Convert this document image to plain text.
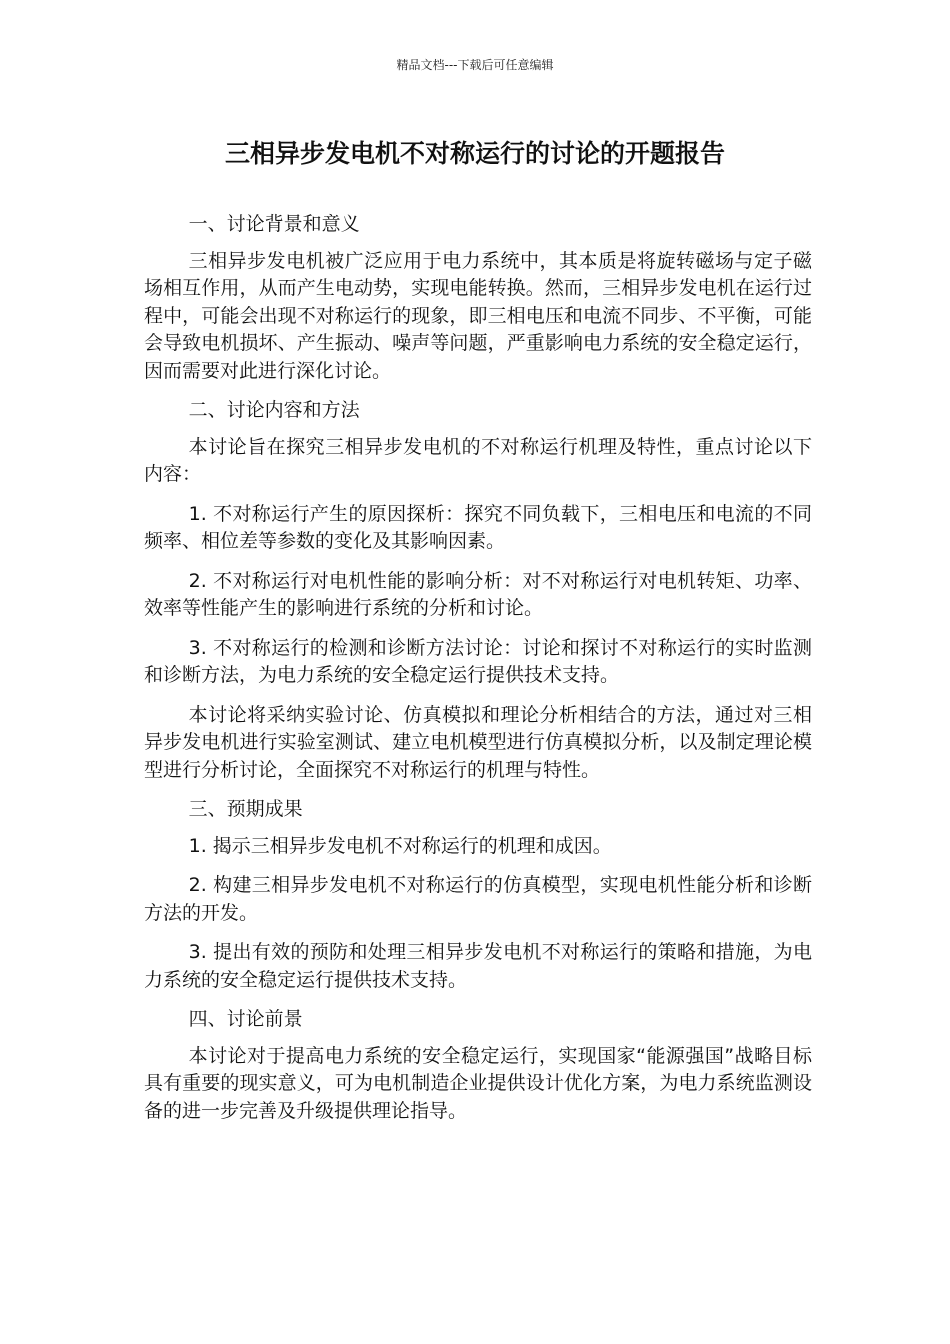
精品文档---下载后可任意编辑
三相异步发电机不对称运行的讨论的开题报告

一、讨论背景和意义

三相异步发电机被广泛应用于电力系统中，其本质是将旋转磁场与定子磁场相互作用，从而产生电动势，实现电能转换。然而，三相异步发电机在运行过程中，可能会出现不对称运行的现象，即三相电压和电流不同步、不平衡，可能会导致电机损坏、产生振动、噪声等问题，严重影响电力系统的安全稳定运行，因而需要对此进行深化讨论。

二、讨论内容和方法

本讨论旨在探究三相异步发电机的不对称运行机理及特性，重点讨论以下内容：

1. 不对称运行产生的原因探析：探究不同负载下，三相电压和电流的不同频率、相位差等参数的变化及其影响因素。

2. 不对称运行对电机性能的影响分析：对不对称运行对电机转矩、功率、效率等性能产生的影响进行系统的分析和讨论。

3. 不对称运行的检测和诊断方法讨论：讨论和探讨不对称运行的实时监测和诊断方法，为电力系统的安全稳定运行提供技术支持。

本讨论将采纳实验讨论、仿真模拟和理论分析相结合的方法，通过对三相异步发电机进行实验室测试、建立电机模型进行仿真模拟分析，以及制定理论模型进行分析讨论，全面探究不对称运行的机理与特性。

三、预期成果

1. 揭示三相异步发电机不对称运行的机理和成因。

2. 构建三相异步发电机不对称运行的仿真模型，实现电机性能分析和诊断方法的开发。

3. 提出有效的预防和处理三相异步发电机不对称运行的策略和措施，为电力系统的安全稳定运行提供技术支持。

四、讨论前景

本讨论对于提高电力系统的安全稳定运行，实现国家“能源强国”战略目标具有重要的现实意义，可为电机制造企业提供设计优化方案，为电力系统监测设备的进一步完善及升级提供理论指导。
